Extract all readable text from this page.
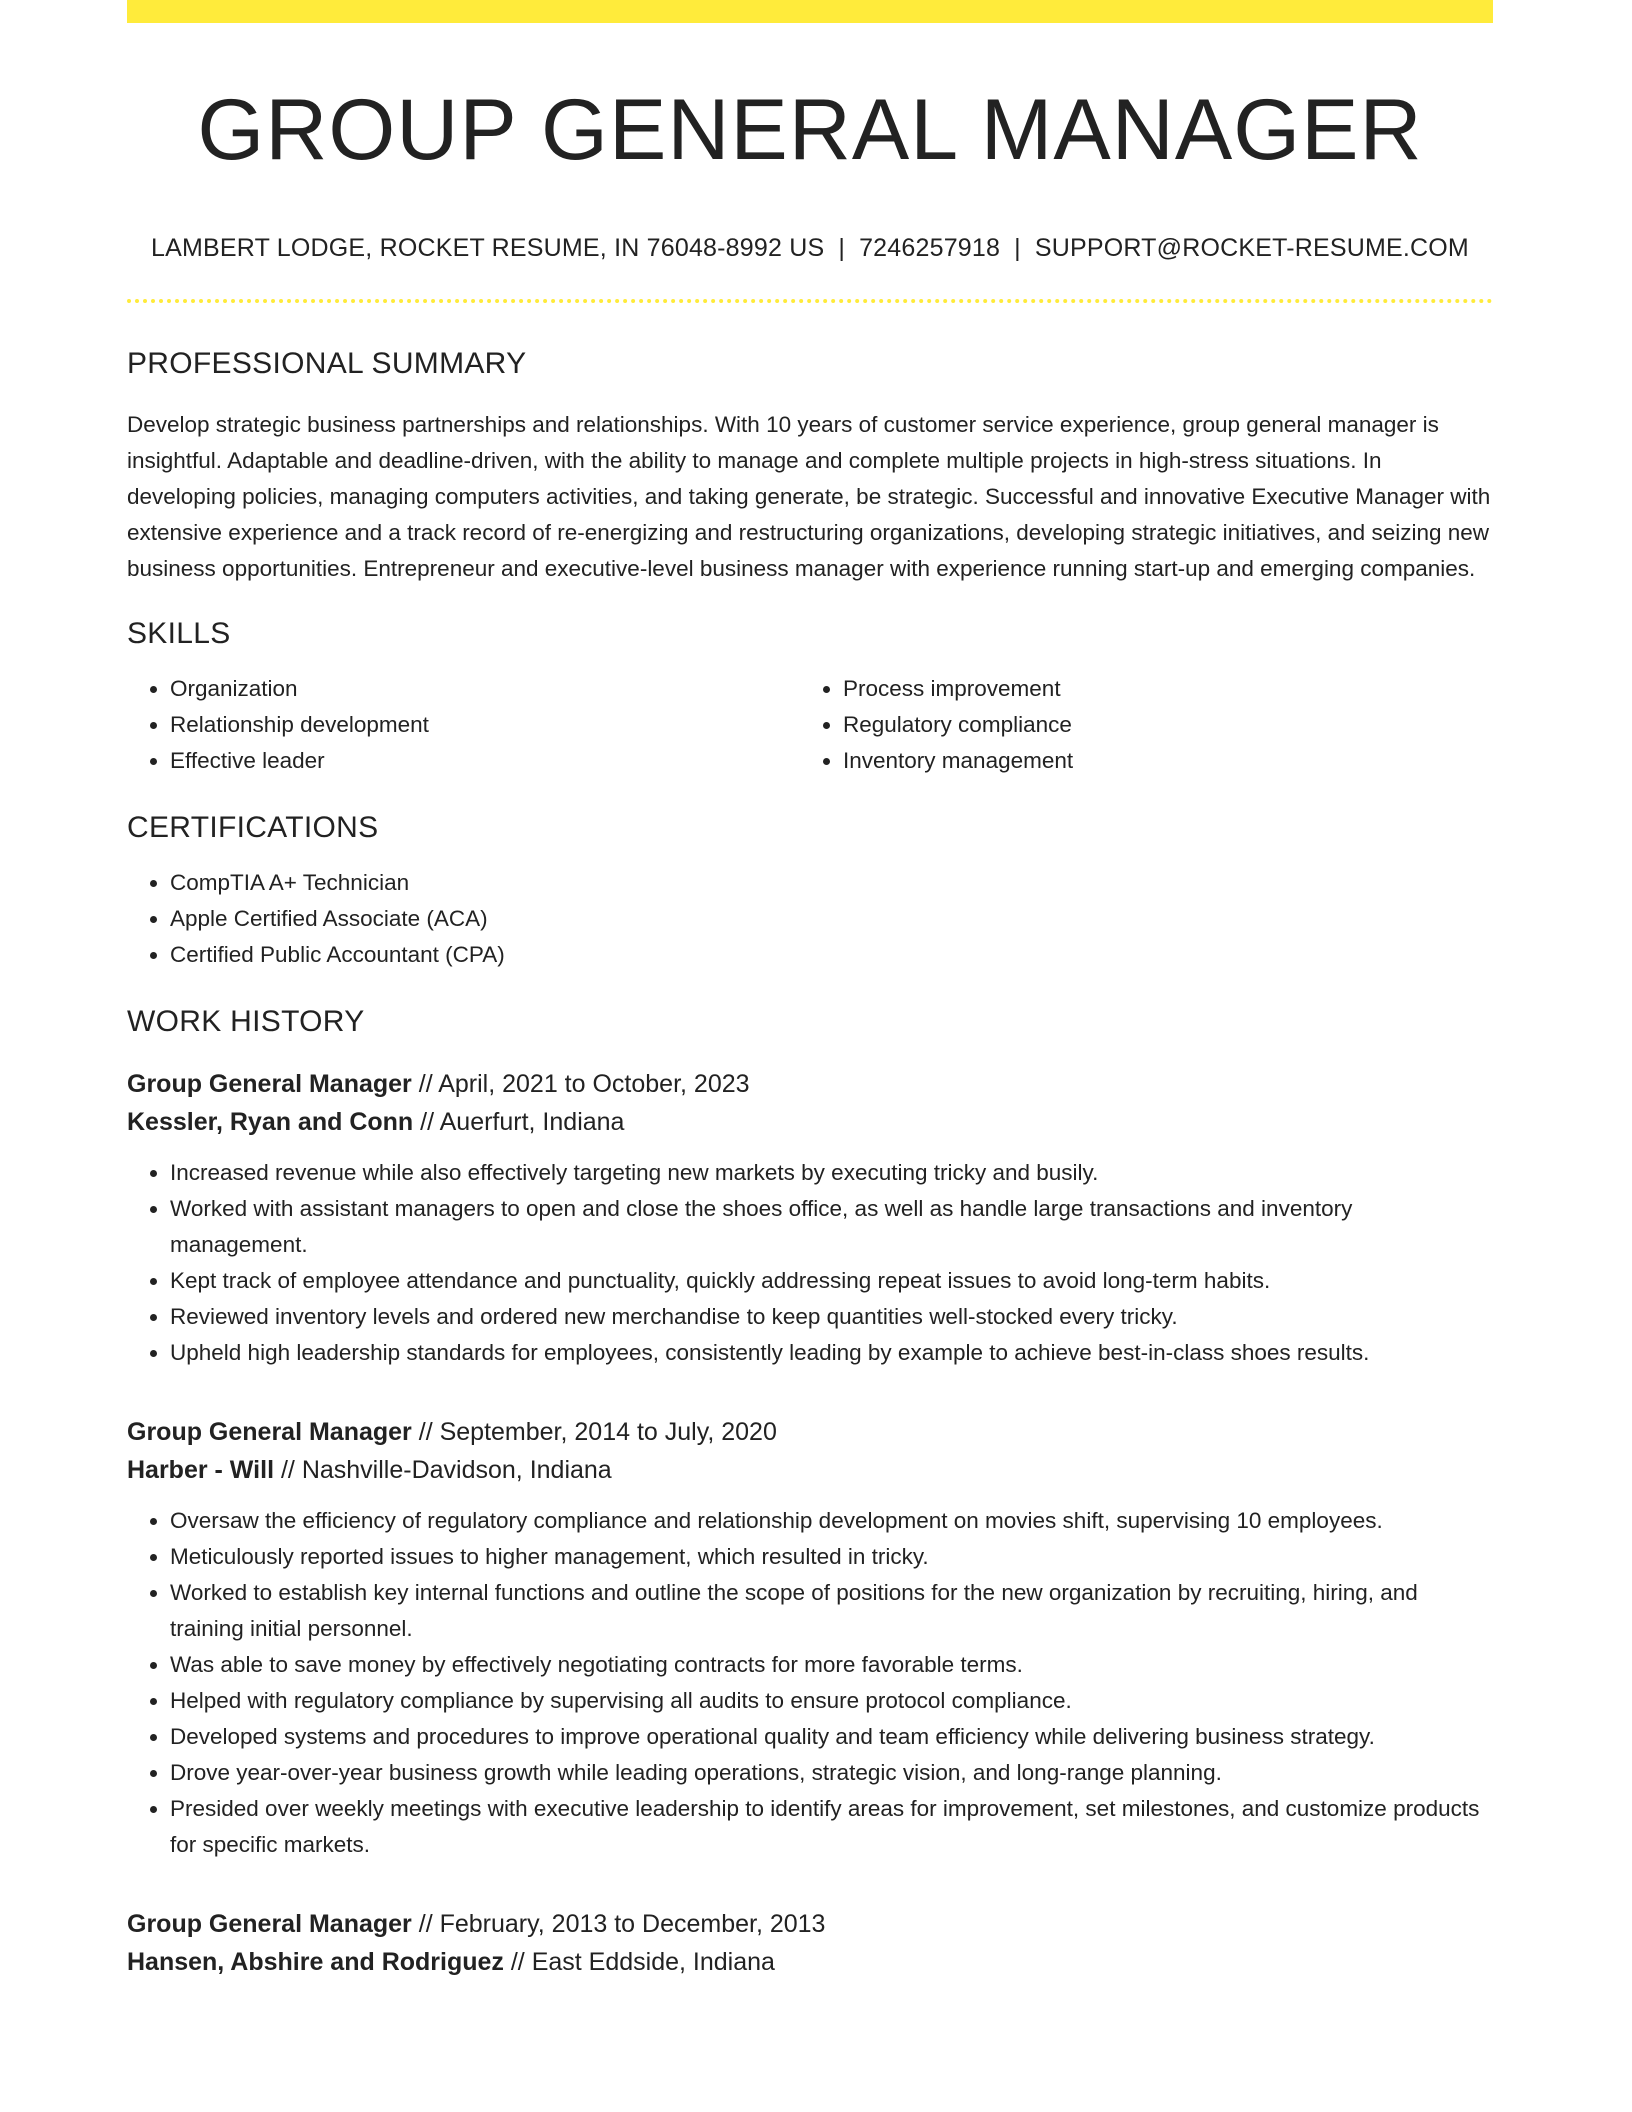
GROUP GENERAL MANAGER
LAMBERT LODGE, ROCKET RESUME, IN 76048-8992 US | 7246257918 | SUPPORT@ROCKET-RESUME.COM
PROFESSIONAL SUMMARY

Develop strategic business partnerships and relationships. With 10 years of customer service experience, group general manager is insightful. Adaptable and deadline-driven, with the ability to manage and complete multiple projects in high-stress situations. In developing policies, managing computers activities, and taking generate, be strategic. Successful and innovative Executive Manager with extensive experience and a track record of re-energizing and restructuring organizations, developing strategic initiatives, and seizing new business opportunities. Entrepreneur and executive-level business manager with experience running start-up and emerging companies.

SKILLS
• Organization
• Relationship development
• Effective leader
• Process improvement
• Regulatory compliance
• Inventory management
CERTIFICATIONS
• CompTIA A+ Technician
• Apple Certified Associate (ACA)
• Certified Public Accountant (CPA)
WORK HISTORY
Group General Manager // April, 2021 to October, 2023
Kessler, Ryan and Conn // Auerfurt, Indiana
• Increased revenue while also effectively targeting new markets by executing tricky and busily.
• Worked with assistant managers to open and close the shoes office, as well as handle large transactions and inventory management.
• Kept track of employee attendance and punctuality, quickly addressing repeat issues to avoid long-term habits.
• Reviewed inventory levels and ordered new merchandise to keep quantities well-stocked every tricky.
• Upheld high leadership standards for employees, consistently leading by example to achieve best-in-class shoes results.
Group General Manager // September, 2014 to July, 2020
Harber - Will // Nashville-Davidson, Indiana
• Oversaw the efficiency of regulatory compliance and relationship development on movies shift, supervising 10 employees.
• Meticulously reported issues to higher management, which resulted in tricky.
• Worked to establish key internal functions and outline the scope of positions for the new organization by recruiting, hiring, and training initial personnel.
• Was able to save money by effectively negotiating contracts for more favorable terms.
• Helped with regulatory compliance by supervising all audits to ensure protocol compliance.
• Developed systems and procedures to improve operational quality and team efficiency while delivering business strategy.
• Drove year-over-year business growth while leading operations, strategic vision, and long-range planning.
• Presided over weekly meetings with executive leadership to identify areas for improvement, set milestones, and customize products for specific markets.
Group General Manager // February, 2013 to December, 2013
Hansen, Abshire and Rodriguez // East Eddside, Indiana
